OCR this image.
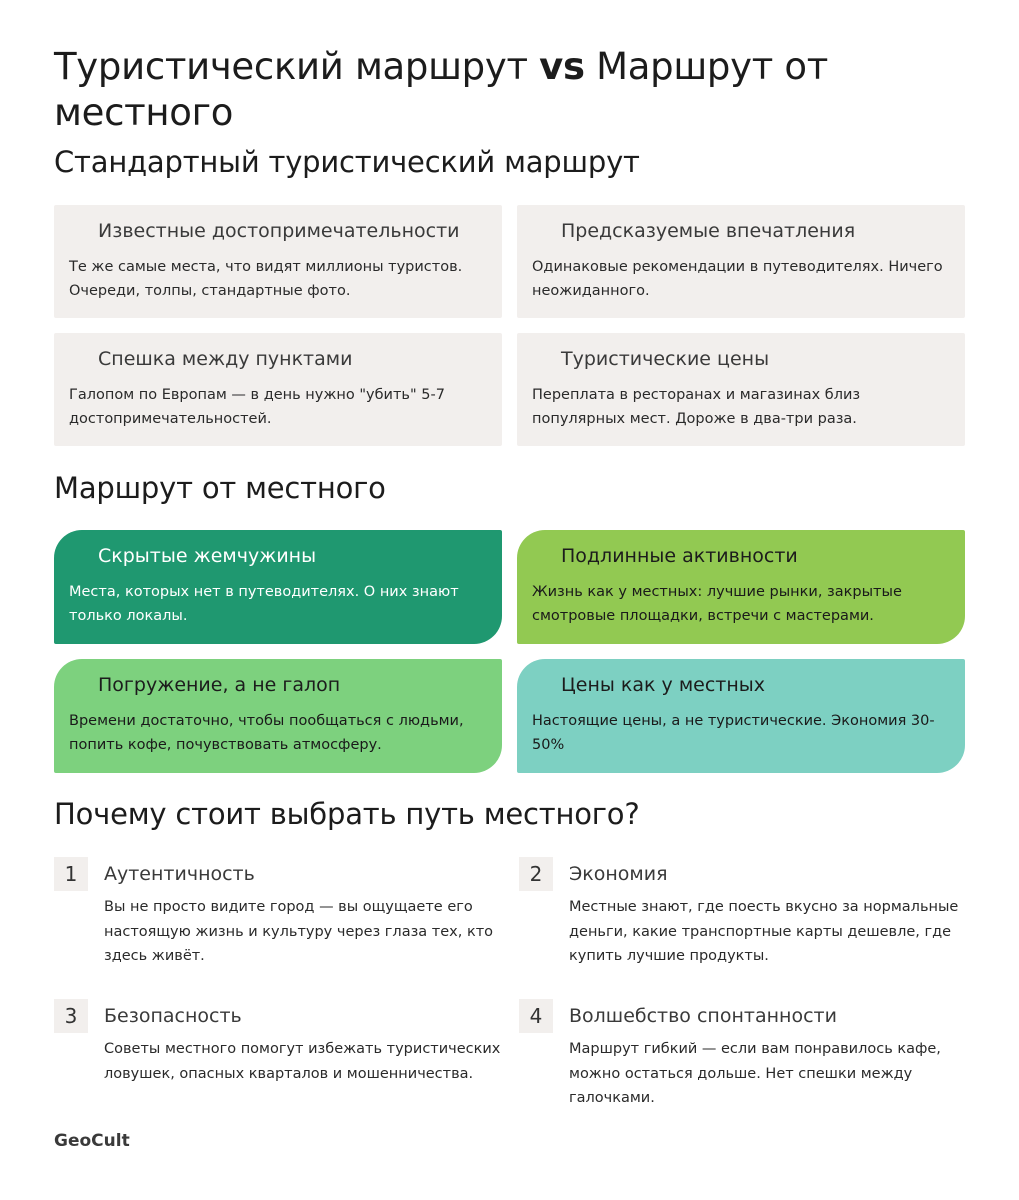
Туристический маршрут vs Маршрут от местного
Стандартный туристический маршрут
Известные достопримечательности
Те же самые места, что видят миллионы туристов. Очереди, толпы, стандартные фото.
Предсказуемые впечатления
Одинаковые рекомендации в путеводителях. Ничего неожиданного.
Спешка между пунктами
Галопом по Европам — в день нужно "убить" 5-7 достопримечательностей.
Туристические цены
Переплата в ресторанах и магазинах близ популярных мест. Дороже в два-три раза.
Маршрут от местного
Скрытые жемчужины
Места, которых нет в путеводителях. О них знают только локалы.
Подлинные активности
Жизнь как у местных: лучшие рынки, закрытые смотровые площадки, встречи с мастерами.
Погружение, а не галоп
Времени достаточно, чтобы пообщаться с людьми, попить кофе, почувствовать атмосферу.
Цены как у местных
Настоящие цены, а не туристические. Экономия 30-50%
Почему стоит выбрать путь местного?
1	Аутентичность
Вы не просто видите город — вы ощущаете его настоящую жизнь и культуру через глаза тех, кто здесь живёт.
2	Экономия
Местные знают, где поесть вкусно за нормальные деньги, какие транспортные карты дешевле, где купить лучшие продукты.
3	Безопасность
Советы местного помогут избежать туристических ловушек, опасных кварталов и мошенничества.
4	Волшебство спонтанности
Маршрут гибкий — если вам понравилось кафе, можно остаться дольше. Нет спешки между галочками.
GeoCult
